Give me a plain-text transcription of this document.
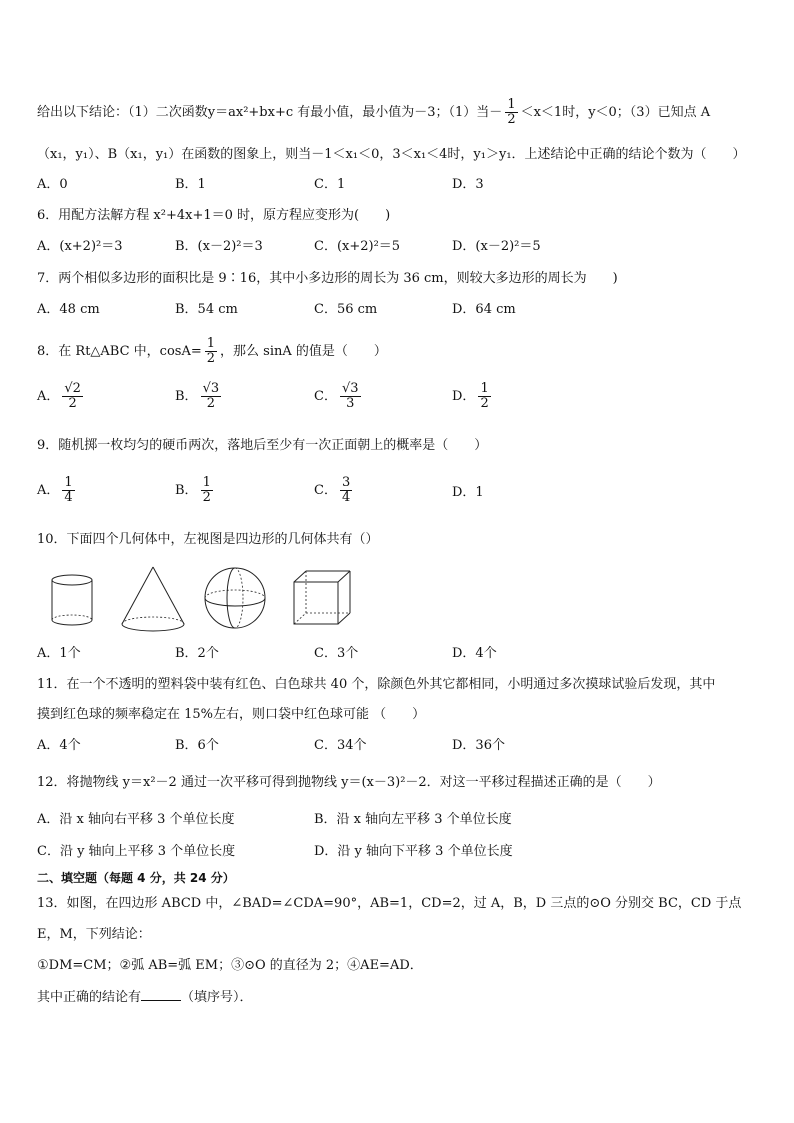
给出以下结论：（1）二次函数y＝ax²+bx+c 有最小值，最小值为－3；（1）当－ $\frac{1}{2} <x<1$时，y＜0；（3）已知点 A
（x₁，y₁）、B（x₁，y₁）在函数的图象上，则当－1＜x₁＜0，3＜x₁＜4时，y₁＞y₁．上述结论中正确的结论个数为（　　）
A．0	B．1	C．1	D．3
6．用配方法解方程 x²+4x+1＝0 时，原方程应变形为(　　)
A．(x+2)²＝3	B．(x－2)²＝3	C．(x+2)²＝5	D．(x－2)²＝5
7．两个相似多边形的面积比是 9∶16，其中小多边形的周长为 36 cm，则较大多边形的周长为　　)
A．48 cm	B．54 cm	C．56 cm	D．64 cm
8．在 Rt△ABC 中，$\cos A= \frac{1}{2}$ ，那么 sinA 的值是（　　）
A． $\frac{√2}{2}$	B． $\frac{√3}{2}$	C． $\frac{√3}{3}$	D． $\frac{1}{2}$
9．随机掷一枚均匀的硬币两次，落地后至少有一次正面朝上的概率是（　　）
A． $\frac{1}{4}$	B． $\frac{1}{2}$	C． $\frac{3}{4}$	D．1
10．下面四个几何体中，左视图是四边形的几何体共有（）
A．1个	B．2个	C．3个	D．4个
11．在一个不透明的塑料袋中装有红色、白色球共 40 个，除颜色外其它都相同，小明通过多次摸球试验后发现，其中
摸到红色球的频率稳定在 15%左右，则口袋中红色球可能 （　　）
A．4个	B．6个	C．34个	D．36个
12．将抛物线 y＝x²－2 通过一次平移可得到抛物线 y＝(x－3)²－2．对这一平移过程描述正确的是（　　）
A．沿 x 轴向右平移 3 个单位长度	B．沿 x 轴向左平移 3 个单位长度
C．沿 y 轴向上平移 3 个单位长度	D．沿 y 轴向下平移 3 个单位长度
二、填空题（每题 4 分，共 24 分）
13．如图，在四边形 ABCD 中，∠BAD=∠CDA=90°，AB=1，CD=2，过 A，B，D 三点的⊙O 分别交 BC，CD 于点
E，M，下列结论：
①DM=CM；②弧 AB=弧 EM；③⊙O 的直径为 2；④AE=AD．
其中正确的结论有	（填序号）．
